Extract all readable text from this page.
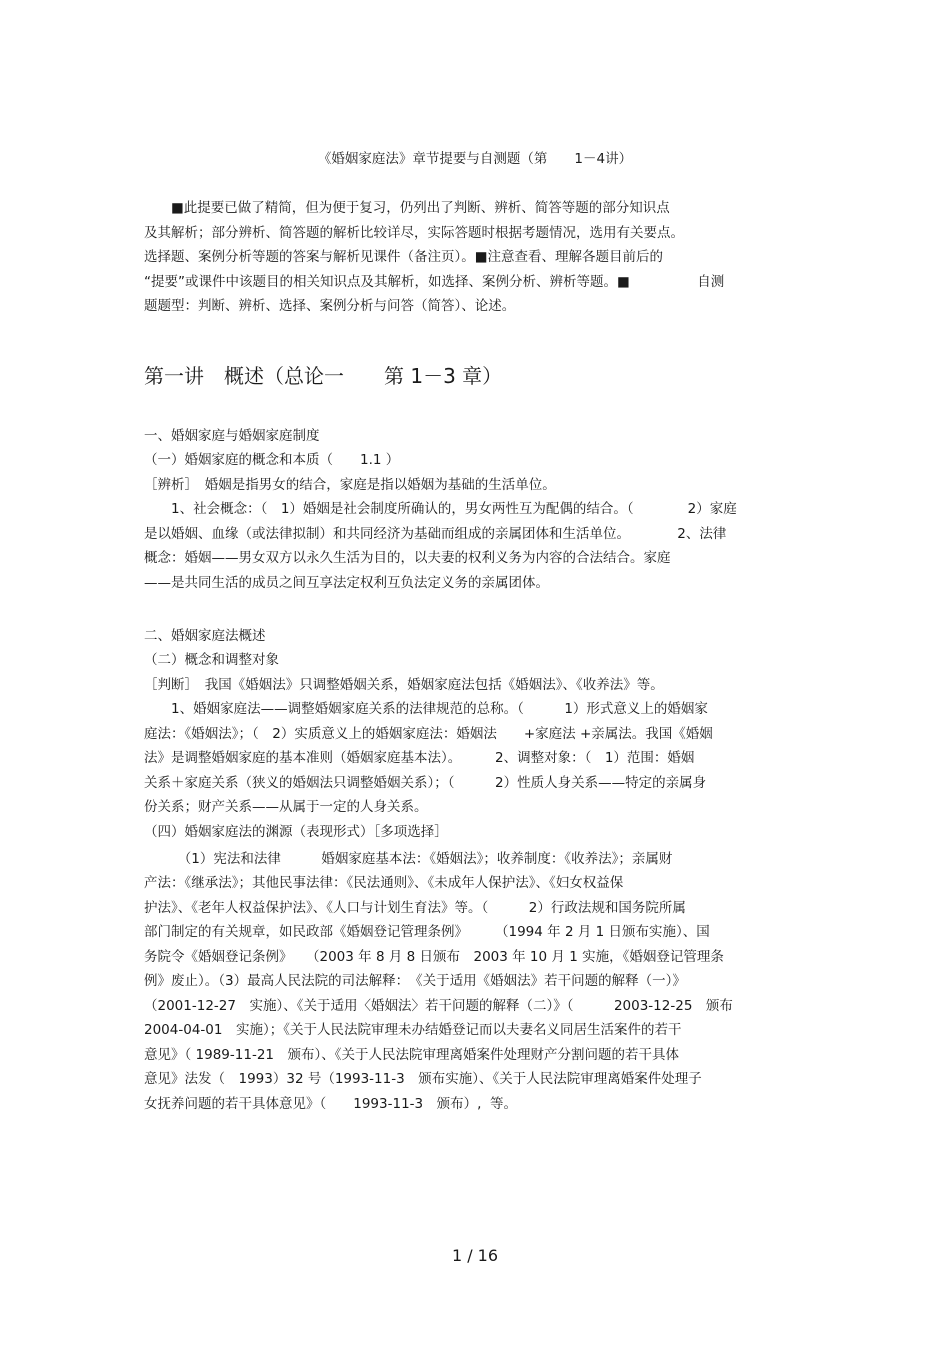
《婚姻家庭法》章节提要与自测题（第　　1－4讲）
　　■此提要已做了精简，但为便于复习，仍列出了判断、辨析、简答等题的部分知识点
及其解析；部分辨析、简答题的解析比较详尽，实际答题时根据考题情况，选用有关要点。
选择题、案例分析等题的答案与解析见课件（备注页）。■注意查看、理解各题目前后的
“提要”或课件中该题目的相关知识点及其解析，如选择、案例分析、辨析等题。■　　　　　自测
题题型：判断、辨析、选择、案例分析与问答（简答）、论述。
第一讲　概述（总论一　　第 1－3 章）
一、婚姻家庭与婚姻家庭制度
（一）婚姻家庭的概念和本质（　　1.1 ）
［辨析］　婚姻是指男女的结合，家庭是指以婚姻为基础的生活单位。
　　1、社会概念：（　1）婚姻是社会制度所确认的，男女两性互为配偶的结合。（　　　　2）家庭
是以婚姻、血缘（或法律拟制）和共同经济为基础而组成的亲属团体和生活单位。　　　　2、法律
概念：婚姻——男女双方以永久生活为目的，以夫妻的权利义务为内容的合法结合。家庭
——是共同生活的成员之间互享法定权利互负法定义务的亲属团体。
二、婚姻家庭法概述
（二）概念和调整对象
［判断］　我国《婚姻法》只调整婚姻关系，婚姻家庭法包括《婚姻法》、《收养法》等。
　　1、婚姻家庭法——调整婚姻家庭关系的法律规范的总称。（　　　1）形式意义上的婚姻家
庭法：《婚姻法》；（　2）实质意义上的婚姻家庭法：婚姻法　　+家庭法 +亲属法。我国《婚姻
法》是调整婚姻家庭的基本准则（婚姻家庭基本法）。　　　2、调整对象：（　1）范围：婚姻
关系＋家庭关系（狭义的婚姻法只调整婚姻关系）；（　　　2）性质人身关系——特定的亲属身
份关系；财产关系——从属于一定的人身关系。
（四）婚姻家庭法的渊源（表现形式）［多项选择］
　　　（1）宪法和法律　　　婚姻家庭基本法：《婚姻法》；收养制度：《收养法》；亲属财
产法：《继承法》；其他民事法律：《民法通则》、《未成年人保护法》、《妇女权益保
护法》、《老年人权益保护法》、《人口与计划生育法》等。（　　　2）行政法规和国务院所属
部门制定的有关规章，如民政部《婚姻登记管理条例》　　　（1994 年 2 月 1 日颁布实施）、国
务院令《婚姻登记条例》　　（2003 年 8 月 8 日颁布　2003 年 10 月 1 实施，《婚姻登记管理条
例》废止）。（3）最高人民法院的司法解释：　《关于适用《婚姻法》若干问题的解释（一）》
（2001-12-27　实施）、《关于适用〈婚姻法〉若干问题的解释（二）》（　　　2003-12-25　颁布
2004-04-01　实施）；《关于人民法院审理未办结婚登记而以夫妻名义同居生活案件的若干
意见》（ 1989-11-21　颁布）、《关于人民法院审理离婚案件处理财产分割问题的若干具体
意见》法发（　1993）32 号（1993-11-3　颁布实施）、《关于人民法院审理离婚案件处理子
女抚养问题的若干具体意见》（　　1993-11-3　颁布）,  等。
1 / 16
